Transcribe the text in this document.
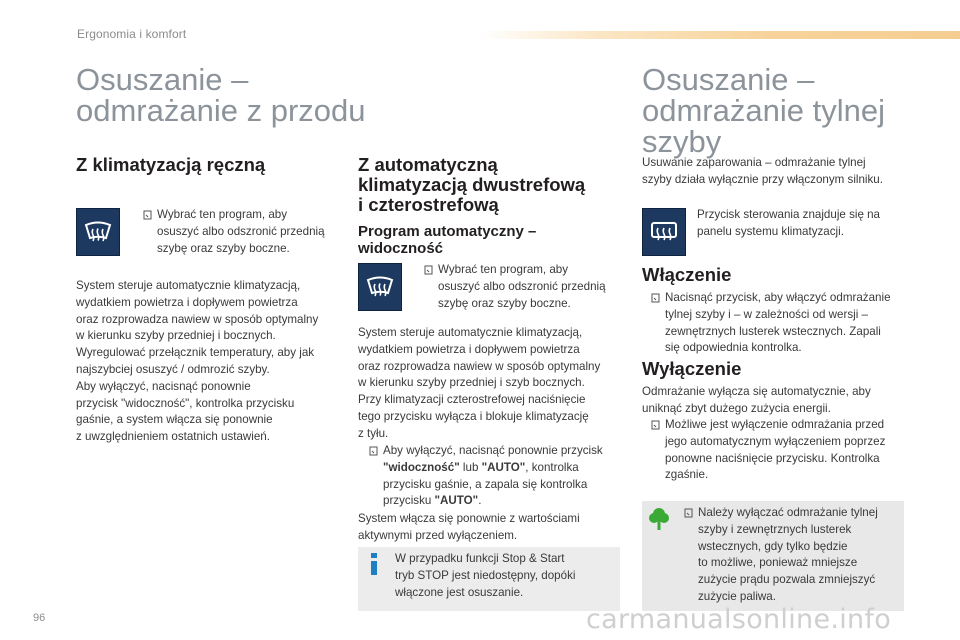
Ergonomia i komfort
Osuszanie –
odmrażanie z przodu
Z klimatyzacją ręczną
Wybrać ten program, aby
osuszyć albo odszronić przednią
szybę oraz szyby boczne.
System steruje automatycznie klimatyzacją,
wydatkiem powietrza i dopływem powietrza
oraz rozprowadza nawiew w sposób optymalny
w kierunku szyby przedniej i bocznych.
Wyregulować przełącznik temperatury, aby jak
najszybciej osuszyć / odmrozić szyby.
Aby wyłączyć, nacisnąć ponownie
przycisk "widoczność", kontrolka przycisku
gaśnie, a system włącza się ponownie
z uwzględnieniem ostatnich ustawień.
Z automatyczną
klimatyzacją dwustrefową
i czterostrefową
Program automatyczny –
widoczność
Wybrać ten program, aby
osuszyć albo odszronić przednią
szybę oraz szyby boczne.
System steruje automatycznie klimatyzacją,
wydatkiem powietrza i dopływem powietrza
oraz rozprowadza nawiew w sposób optymalny
w kierunku szyby przedniej i szyb bocznych.
Przy klimatyzacji czterostrefowej naciśnięcie
tego przycisku wyłącza i blokuje klimatyzację
z tyłu.
Aby wyłączyć, nacisnąć ponownie przycisk
"widoczność" lub "AUTO", kontrolka
przycisku gaśnie, a zapala się kontrolka
przycisku "AUTO".
System włącza się ponownie z wartościami
aktywnymi przed wyłączeniem.
W przypadku funkcji Stop & Start
tryb STOP jest niedostępny, dopóki
włączone jest osuszanie.
Osuszanie –
odmrażanie tylnej
szyby
Usuwanie zaparowania – odmrażanie tylnej
szyby działa wyłącznie przy włączonym silniku.
Przycisk sterowania znajduje się na
panelu systemu klimatyzacji.
Włączenie
Nacisnąć przycisk, aby włączyć odmrażanie
tylnej szyby i – w zależności od wersji –
zewnętrznych lusterek wstecznych. Zapali
się odpowiednia kontrolka.
Wyłączenie
Odmrażanie wyłącza się automatycznie, aby
uniknąć zbyt dużego zużycia energii.
Możliwe jest wyłączenie odmrażania przed
jego automatycznym wyłączeniem poprzez
ponowne naciśnięcie przycisku. Kontrolka
zgaśnie.
Należy wyłączać odmrażanie tylnej
szyby i zewnętrznych lusterek
wstecznych, gdy tylko będzie
to możliwe, ponieważ mniejsze
zużycie prądu pozwala zmniejszyć
zużycie paliwa.
96	carmanualsonline.info
